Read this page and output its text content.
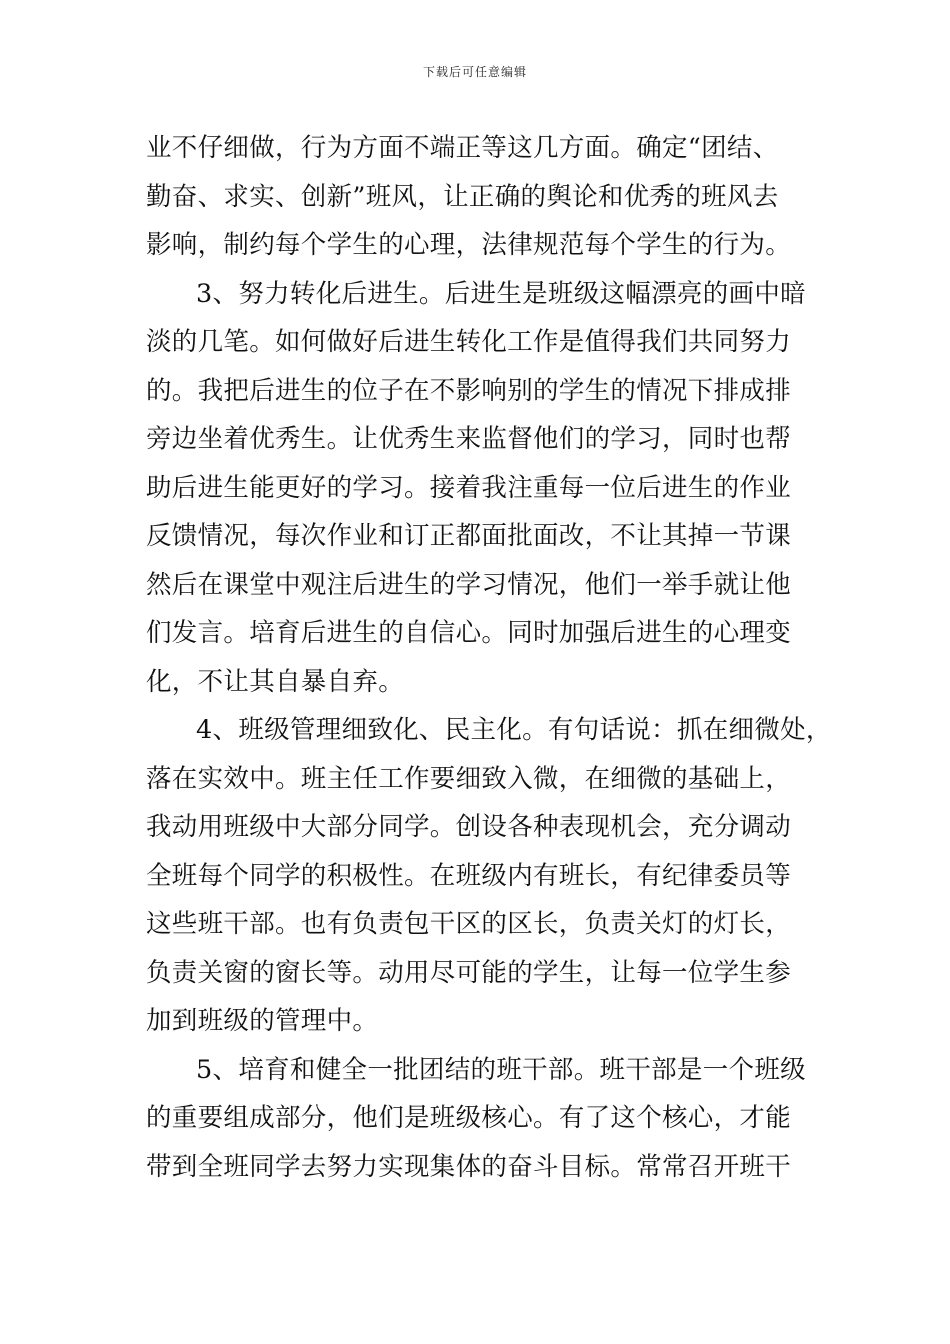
下载后可任意编辑
业不仔细做，行为方面不端正等这几方面。确定“团结、
勤奋、求实、创新”班风，让正确的舆论和优秀的班风去
影响，制约每个学生的心理，法律规范每个学生的行为。
3、努力转化后进生。后进生是班级这幅漂亮的画中暗
淡的几笔。如何做好后进生转化工作是值得我们共同努力
的。我把后进生的位子在不影响别的学生的情况下排成排
旁边坐着优秀生。让优秀生来监督他们的学习，同时也帮
助后进生能更好的学习。接着我注重每一位后进生的作业
反馈情况，每次作业和订正都面批面改，不让其掉一节课
然后在课堂中观注后进生的学习情况，他们一举手就让他
们发言。培育后进生的自信心。同时加强后进生的心理变
化，不让其自暴自弃。
4、班级管理细致化、民主化。有句话说：抓在细微处，
落在实效中。班主任工作要细致入微，在细微的基础上，
我动用班级中大部分同学。创设各种表现机会，充分调动
全班每个同学的积极性。在班级内有班长，有纪律委员等
这些班干部。也有负责包干区的区长，负责关灯的灯长，
负责关窗的窗长等。动用尽可能的学生，让每一位学生参
加到班级的管理中。
5、培育和健全一批团结的班干部。班干部是一个班级
的重要组成部分，他们是班级核心。有了这个核心，才能
带到全班同学去努力实现集体的奋斗目标。常常召开班干
